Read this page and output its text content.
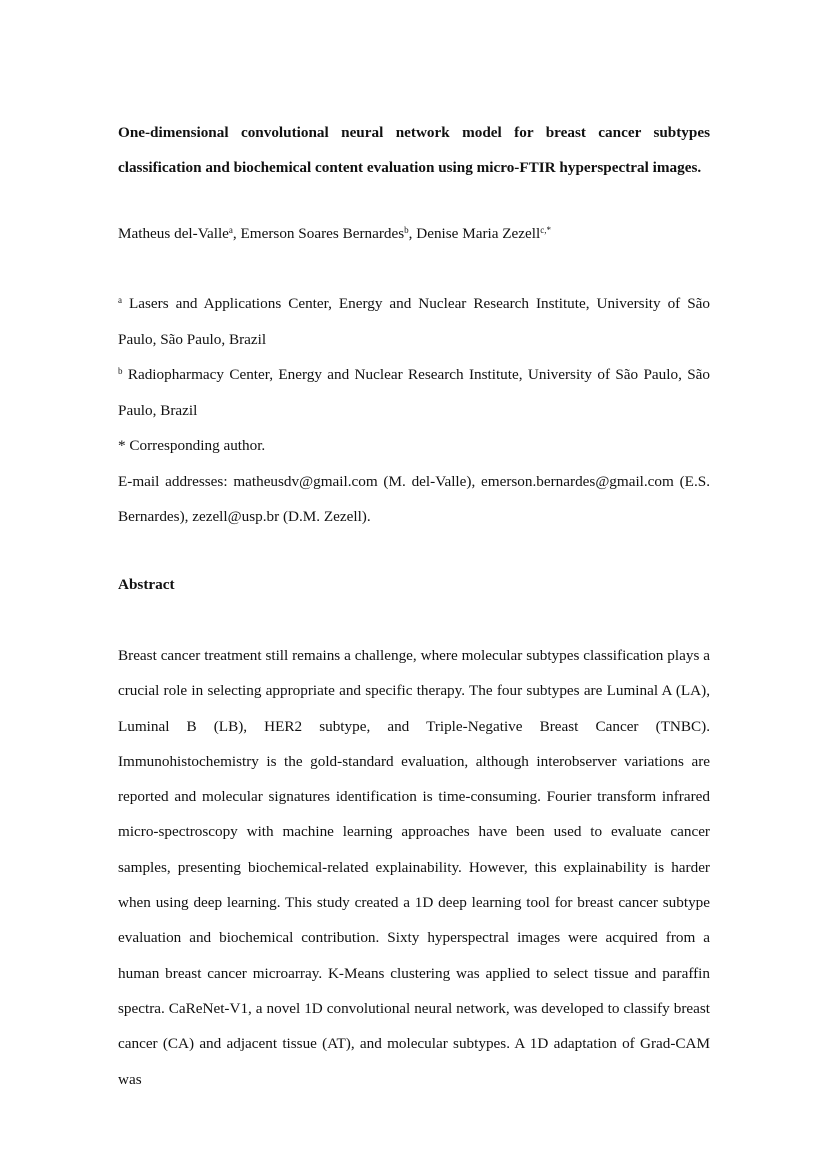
One-dimensional convolutional neural network model for breast cancer subtypes classification and biochemical content evaluation using micro-FTIR hyperspectral images.
Matheus del-Valle$^a$, Emerson Soares Bernardes$^b$, Denise Maria Zezell$^{c,*}$

$^a$ Lasers and Applications Center, Energy and Nuclear Research Institute, University of São Paulo, São Paulo, Brazil

$^b$ Radiopharmacy Center, Energy and Nuclear Research Institute, University of São Paulo, São Paulo, Brazil

* Corresponding author.

E-mail addresses: matheusdv@gmail.com (M. del-Valle), emerson.bernardes@gmail.com (E.S. Bernardes), zezell@usp.br (D.M. Zezell).

Abstract

Breast cancer treatment still remains a challenge, where molecular subtypes classification plays a crucial role in selecting appropriate and specific therapy. The four subtypes are Luminal A (LA), Luminal B (LB), HER2 subtype, and Triple-Negative Breast Cancer (TNBC). Immunohistochemistry is the gold-standard evaluation, although interobserver variations are reported and molecular signatures identification is time-consuming. Fourier transform infrared micro-spectroscopy with machine learning approaches have been used to evaluate cancer samples, presenting biochemical-related explainability. However, this explainability is harder when using deep learning. This study created a 1D deep learning tool for breast cancer subtype evaluation and biochemical contribution. Sixty hyperspectral images were acquired from a human breast cancer microarray. K-Means clustering was applied to select tissue and paraffin spectra. CaReNet-V1, a novel 1D convolutional neural network, was developed to classify breast cancer (CA) and adjacent tissue (AT), and molecular subtypes. A 1D adaptation of Grad-CAM was
